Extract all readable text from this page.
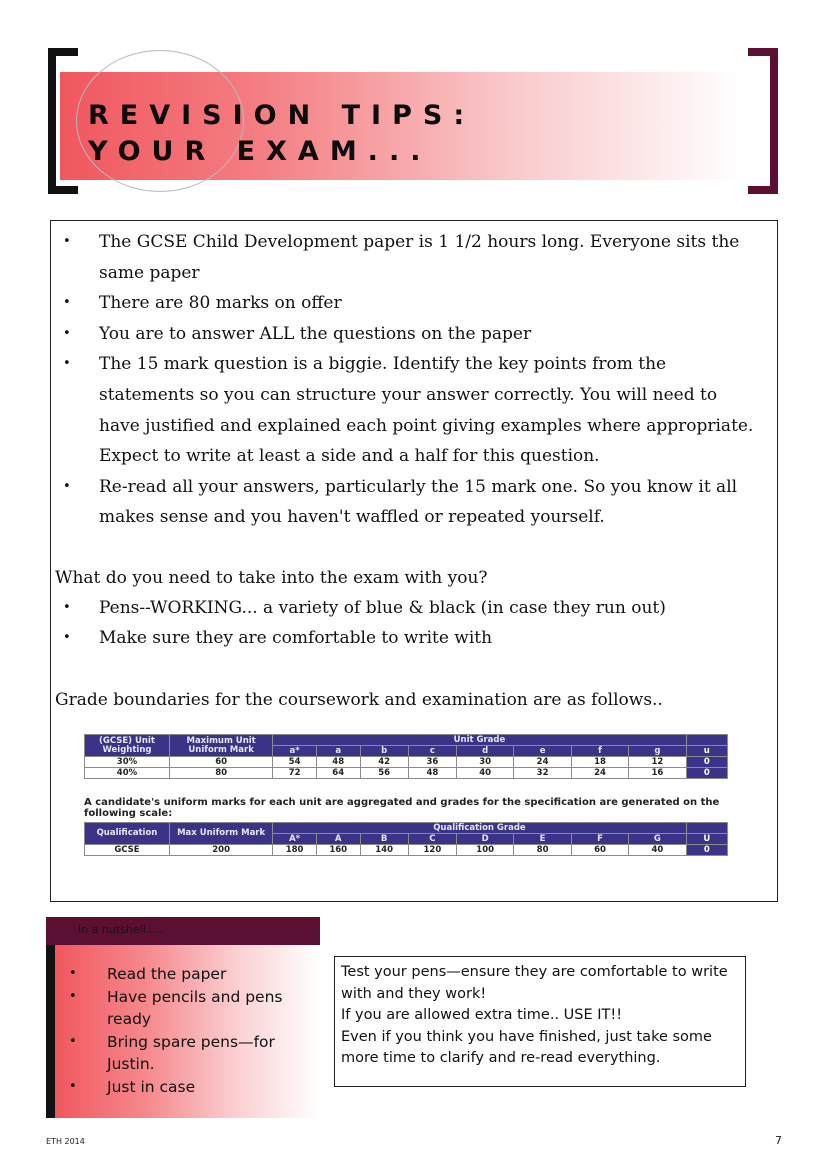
REVISION TIPS:
YOUR EXAM...
• The GCSE Child Development paper is 1 1/2 hours long. Everyone sits the same paper
• There are 80 marks on offer
• You are to answer ALL the questions on the paper
• The 15 mark question is a biggie. Identify the key points from the statements so you can structure your answer correctly. You will need to have justified and explained each point giving examples where appropriate. Expect to write at least a side and a half for this question.
• Re-read all your answers, particularly the 15 mark one. So you know it all makes sense and you haven't waffled or repeated yourself.

What do you need to take into the exam with you?

• Pens--WORKING... a variety of blue & black (in case they run out)
• Make sure they are comfortable to write with

Grade boundaries for the coursework and examination are as follows..

(GCSE) Unit Weighting	Maximum Unit Uniform Mark	Unit Grade								
		a*	a	b	c	d	e	f	g	u
30%	60	54	48	42	36	30	24	18	12	0
40%	80	72	64	56	48	40	32	24	16	0

A candidate's uniform marks for each unit are aggregated and grades for the specification are generated on the following scale:

Qualification	Max Uniform Mark	Qualification Grade								
		A*	A	B	C	D	E	F	G	U
GCSE	200	180	160	140	120	100	80	60	40	0
In a nutshell.....
• Read the paper
• Have pencils and pens ready
• Bring spare pens—for Justin.
• Just in case

Test your pens—ensure they are comfortable to write with and they work!

If you are allowed extra time.. USE IT!!

Even if you think you have finished, just take some more time to clarify and re-read everything.

ETH 2014	7
